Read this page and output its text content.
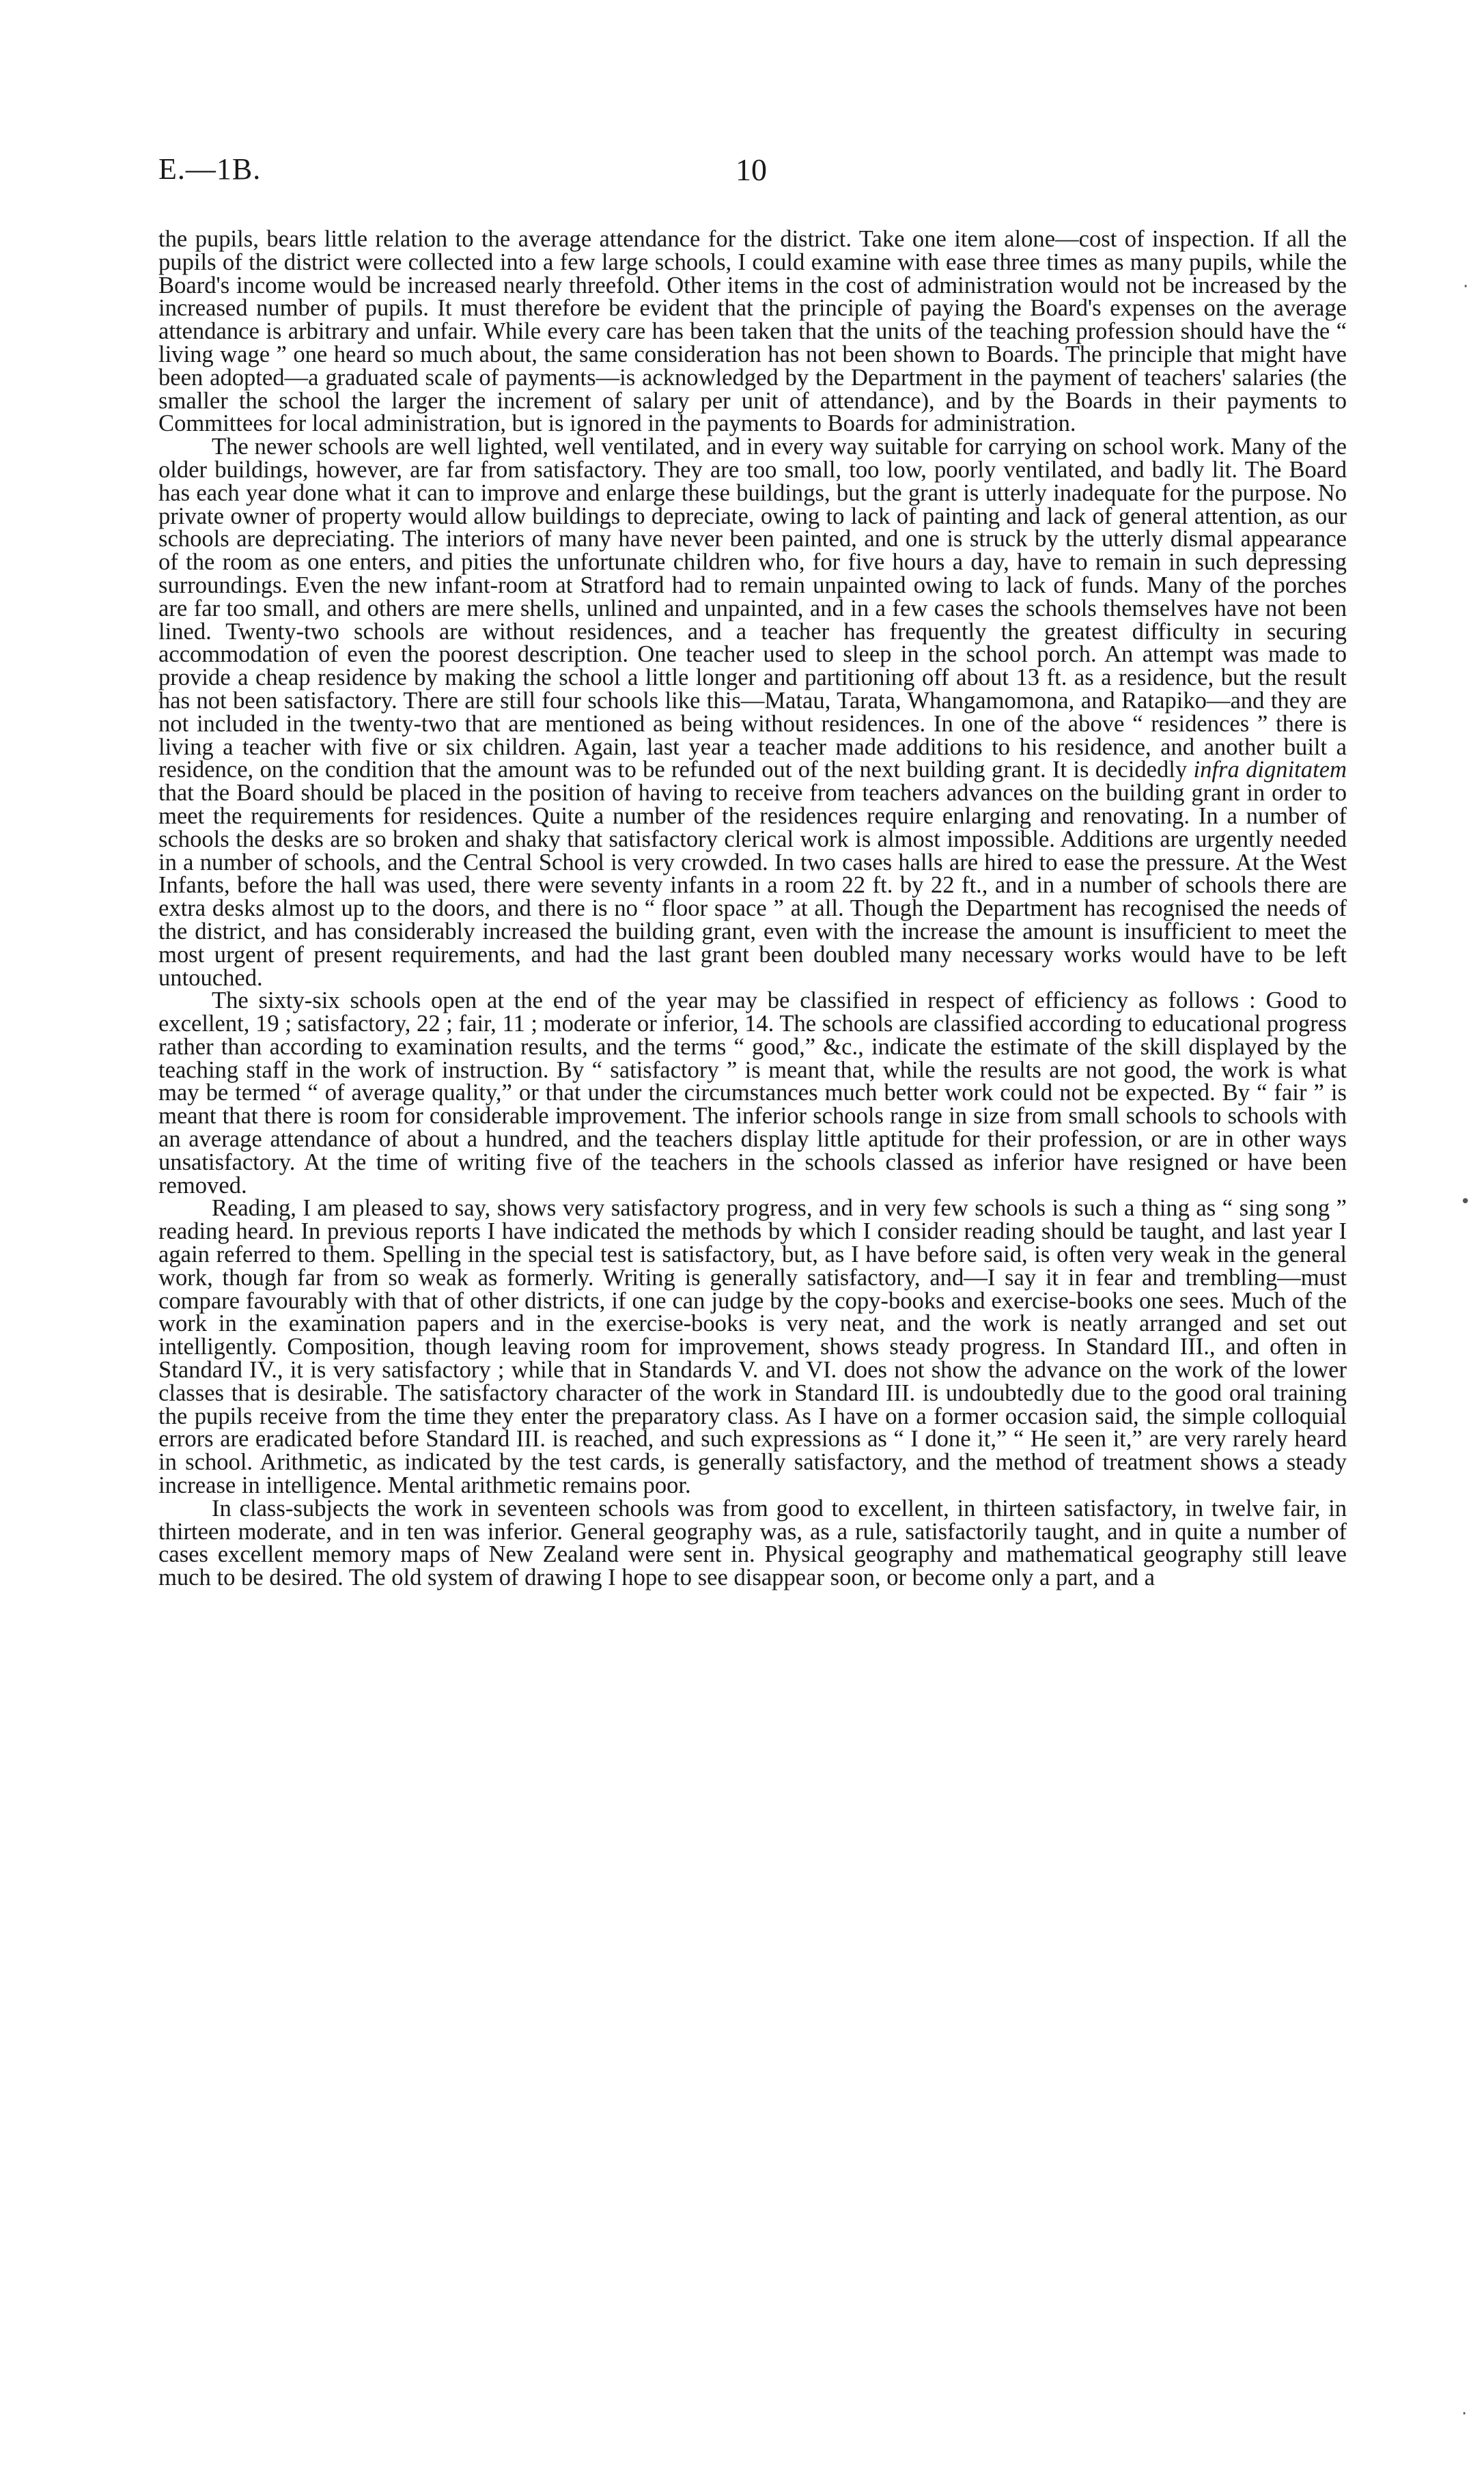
E.—1B.	10

the pupils, bears little relation to the average attendance for the district. Take one item alone—cost of inspection. If all the pupils of the district were collected into a few large schools, I could examine with ease three times as many pupils, while the Board's income would be increased nearly threefold. Other items in the cost of administration would not be increased by the increased number of pupils. It must therefore be evident that the principle of paying the Board's expenses on the average attendance is arbitrary and unfair. While every care has been taken that the units of the teaching profession should have the “ living wage ” one heard so much about, the same consideration has not been shown to Boards. The principle that might have been adopted—a graduated scale of payments—is acknowledged by the Department in the payment of teachers' salaries (the smaller the school the larger the increment of salary per unit of attendance), and by the Boards in their payments to Committees for local administration, but is ignored in the payments to Boards for administration.

The newer schools are well lighted, well ventilated, and in every way suitable for carrying on school work. Many of the older buildings, however, are far from satisfactory. They are too small, too low, poorly ventilated, and badly lit. The Board has each year done what it can to improve and enlarge these buildings, but the grant is utterly inadequate for the purpose. No private owner of property would allow buildings to depreciate, owing to lack of painting and lack of general attention, as our schools are depreciating. The interiors of many have never been painted, and one is struck by the utterly dismal appearance of the room as one enters, and pities the unfortunate children who, for five hours a day, have to remain in such depressing surroundings. Even the new infant-room at Stratford had to remain unpainted owing to lack of funds. Many of the porches are far too small, and others are mere shells, unlined and unpainted, and in a few cases the schools themselves have not been lined. Twenty-two schools are without residences, and a teacher has frequently the greatest difficulty in securing accommodation of even the poorest description. One teacher used to sleep in the school porch. An attempt was made to provide a cheap residence by making the school a little longer and partitioning off about 13 ft. as a residence, but the result has not been satisfactory. There are still four schools like this—Matau, Tarata, Whangamomona, and Ratapiko—and they are not included in the twenty-two that are mentioned as being without residences. In one of the above “ residences ” there is living a teacher with five or six children. Again, last year a teacher made additions to his residence, and another built a residence, on the condition that the amount was to be refunded out of the next building grant. It is decidedly infra dignitatem that the Board should be placed in the position of having to receive from teachers advances on the building grant in order to meet the requirements for residences. Quite a number of the residences require enlarging and renovating. In a number of schools the desks are so broken and shaky that satisfactory clerical work is almost impossible. Additions are urgently needed in a number of schools, and the Central School is very crowded. In two cases halls are hired to ease the pressure. At the West Infants, before the hall was used, there were seventy infants in a room 22 ft. by 22 ft., and in a number of schools there are extra desks almost up to the doors, and there is no “ floor space ” at all. Though the Department has recognised the needs of the district, and has considerably increased the building grant, even with the increase the amount is insufficient to meet the most urgent of present requirements, and had the last grant been doubled many necessary works would have to be left untouched.

The sixty-six schools open at the end of the year may be classified in respect of efficiency as follows : Good to excellent, 19 ; satisfactory, 22 ; fair, 11 ; moderate or inferior, 14. The schools are classified according to educational progress rather than according to examination results, and the terms “ good,” &c., indicate the estimate of the skill displayed by the teaching staff in the work of instruction. By “ satisfactory ” is meant that, while the results are not good, the work is what may be termed “ of average quality,” or that under the circumstances much better work could not be expected. By “ fair ” is meant that there is room for considerable improvement. The inferior schools range in size from small schools to schools with an average attendance of about a hundred, and the teachers display little aptitude for their profession, or are in other ways unsatisfactory. At the time of writing five of the teachers in the schools classed as inferior have resigned or have been removed.

Reading, I am pleased to say, shows very satisfactory progress, and in very few schools is such a thing as “ sing song ” reading heard. In previous reports I have indicated the methods by which I consider reading should be taught, and last year I again referred to them. Spelling in the special test is satisfactory, but, as I have before said, is often very weak in the general work, though far from so weak as formerly. Writing is generally satisfactory, and—I say it in fear and trembling—must compare favourably with that of other districts, if one can judge by the copy-books and exercise-books one sees. Much of the work in the examination papers and in the exercise-books is very neat, and the work is neatly arranged and set out intelligently. Composition, though leaving room for improvement, shows steady progress. In Standard III., and often in Standard IV., it is very satisfactory ; while that in Standards V. and VI. does not show the advance on the work of the lower classes that is desirable. The satisfactory character of the work in Standard III. is undoubtedly due to the good oral training the pupils receive from the time they enter the preparatory class. As I have on a former occasion said, the simple colloquial errors are eradicated before Standard III. is reached, and such expressions as “ I done it,” “ He seen it,” are very rarely heard in school. Arithmetic, as indicated by the test cards, is generally satisfactory, and the method of treatment shows a steady increase in intelligence. Mental arithmetic remains poor.

In class-subjects the work in seventeen schools was from good to excellent, in thirteen satisfactory, in twelve fair, in thirteen moderate, and in ten was inferior. General geography was, as a rule, satisfactorily taught, and in quite a number of cases excellent memory maps of New Zealand were sent in. Physical geography and mathematical geography still leave much to be desired. The old system of drawing I hope to see disappear soon, or become only a part, and a

·
•
·
